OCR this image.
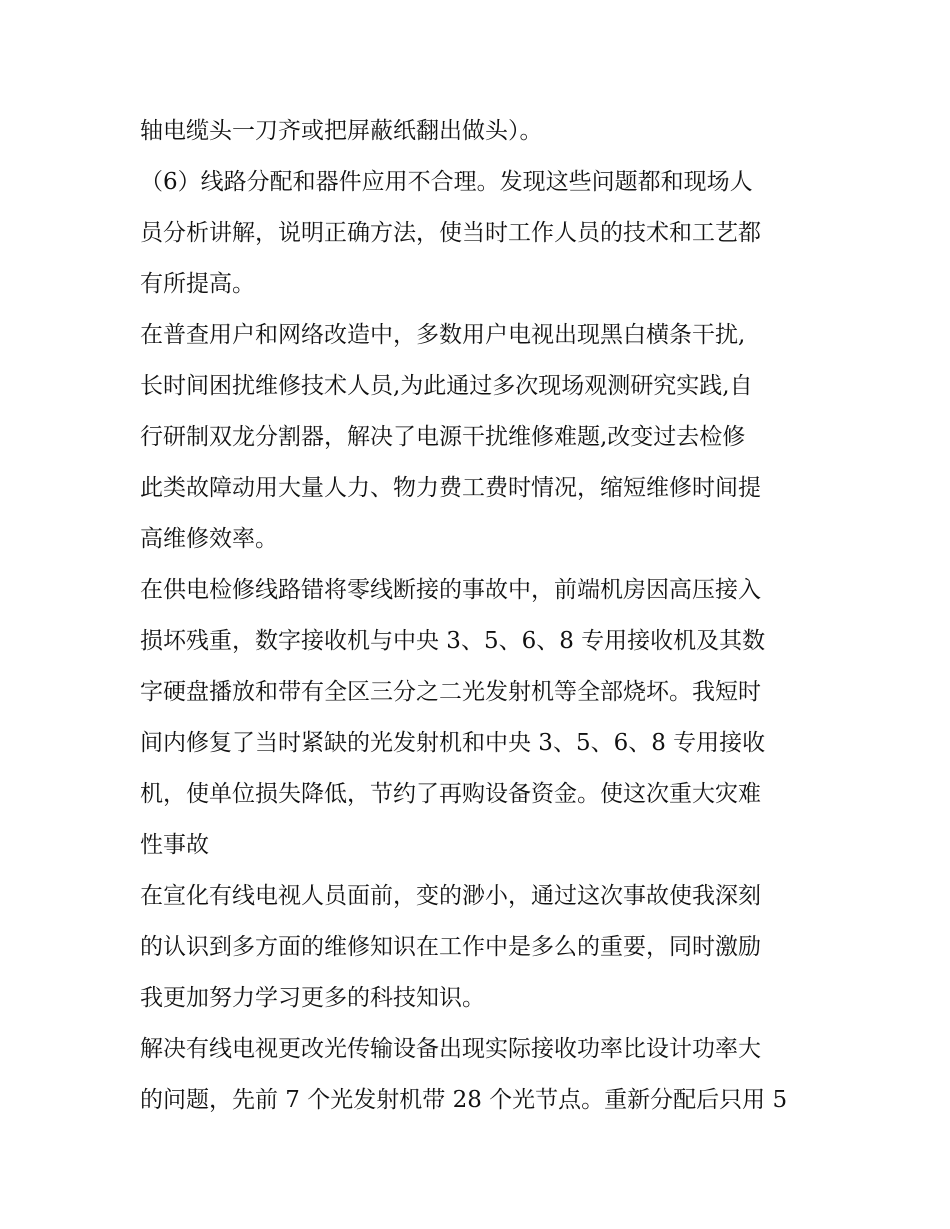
轴电缆头一刀齐或把屏蔽纸翻出做头）。
（6）线路分配和器件应用不合理。发现这些问题都和现场人
员分析讲解，说明正确方法，使当时工作人员的技术和工艺都
有所提高。
在普查用户和网络改造中，多数用户电视出现黑白横条干扰,
长时间困扰维修技术人员,为此通过多次现场观测研究实践,自
行研制双龙分割器，解决了电源干扰维修难题,改变过去检修
此类故障动用大量人力、物力费工费时情况，缩短维修时间提
高维修效率。
在供电检修线路错将零线断接的事故中，前端机房因高压接入
损坏残重，数字接收机与中央 3、5、6、8 专用接收机及其数
字硬盘播放和带有全区三分之二光发射机等全部烧坏。我短时
间内修复了当时紧缺的光发射机和中央 3、5、6、8 专用接收
机，使单位损失降低，节约了再购设备资金。使这次重大灾难
性事故
在宣化有线电视人员面前，变的渺小，通过这次事故使我深刻
的认识到多方面的维修知识在工作中是多么的重要，同时激励
我更加努力学习更多的科技知识。
解决有线电视更改光传输设备出现实际接收功率比设计功率大
的问题，先前 7 个光发射机带 28 个光节点。重新分配后只用 5
